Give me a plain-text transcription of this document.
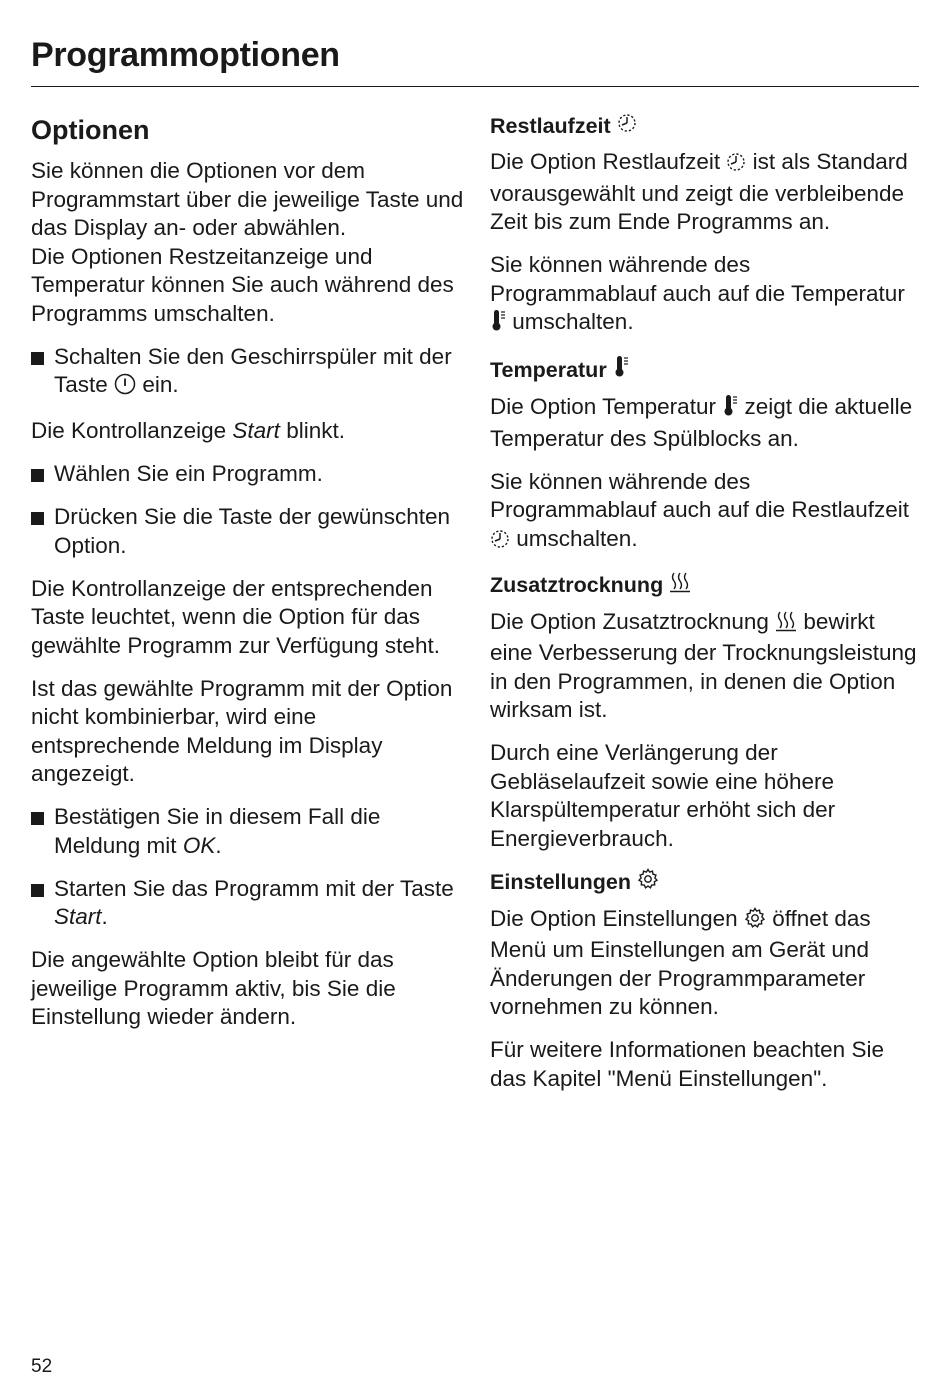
Programmoptionen
Optionen

Sie können die Optionen vor dem Programmstart über die jeweilige Taste und das Display an- oder abwählen.

Die Optionen Restzeitanzeige und Temperatur können Sie auch während des Programms umschalten.

Schalten Sie den Geschirrspüler mit der Taste ein.

Die Kontrollanzeige Start blinkt.

Wählen Sie ein Programm.
Drücken Sie die Taste der gewünschten Option.

Die Kontrollanzeige der entsprechenden Taste leuchtet, wenn die Option für das gewählte Programm zur Verfügung steht.

Ist das gewählte Programm mit der Option nicht kombinierbar, wird eine entsprechende Meldung im Display angezeigt.

Bestätigen Sie in diesem Fall die Meldung mit OK.
Starten Sie das Programm mit der Taste Start.

Die angewählte Option bleibt für das jeweilige Programm aktiv, bis Sie die Einstellung wieder ändern.

Restlaufzeit

Die Option Restlaufzeit ist als Standard vorausgewählt und zeigt die verbleibende Zeit bis zum Ende Programms an.

Sie können währende des Programmablauf auch auf die Temperatur  umschalten.

Temperatur

Die Option Temperatur zeigt die aktuelle Temperatur des Spülblocks an.

Sie können währende des Programmablauf auch auf die Restlaufzeit  umschalten.

Zusatztrocknung

Die Option Zusatztrocknung bewirkt eine Verbesserung der Trocknungsleistung in den Programmen, in denen die Option wirksam ist.

Durch eine Verlängerung der Gebläselaufzeit sowie eine höhere Klarspültemperatur erhöht sich der Energieverbrauch.

Einstellungen

Die Option Einstellungen öffnet das Menü um Einstellungen am Gerät und Änderungen der Programmparameter vornehmen zu können.

Für weitere Informationen beachten Sie das Kapitel "Menü Einstellungen".

52
